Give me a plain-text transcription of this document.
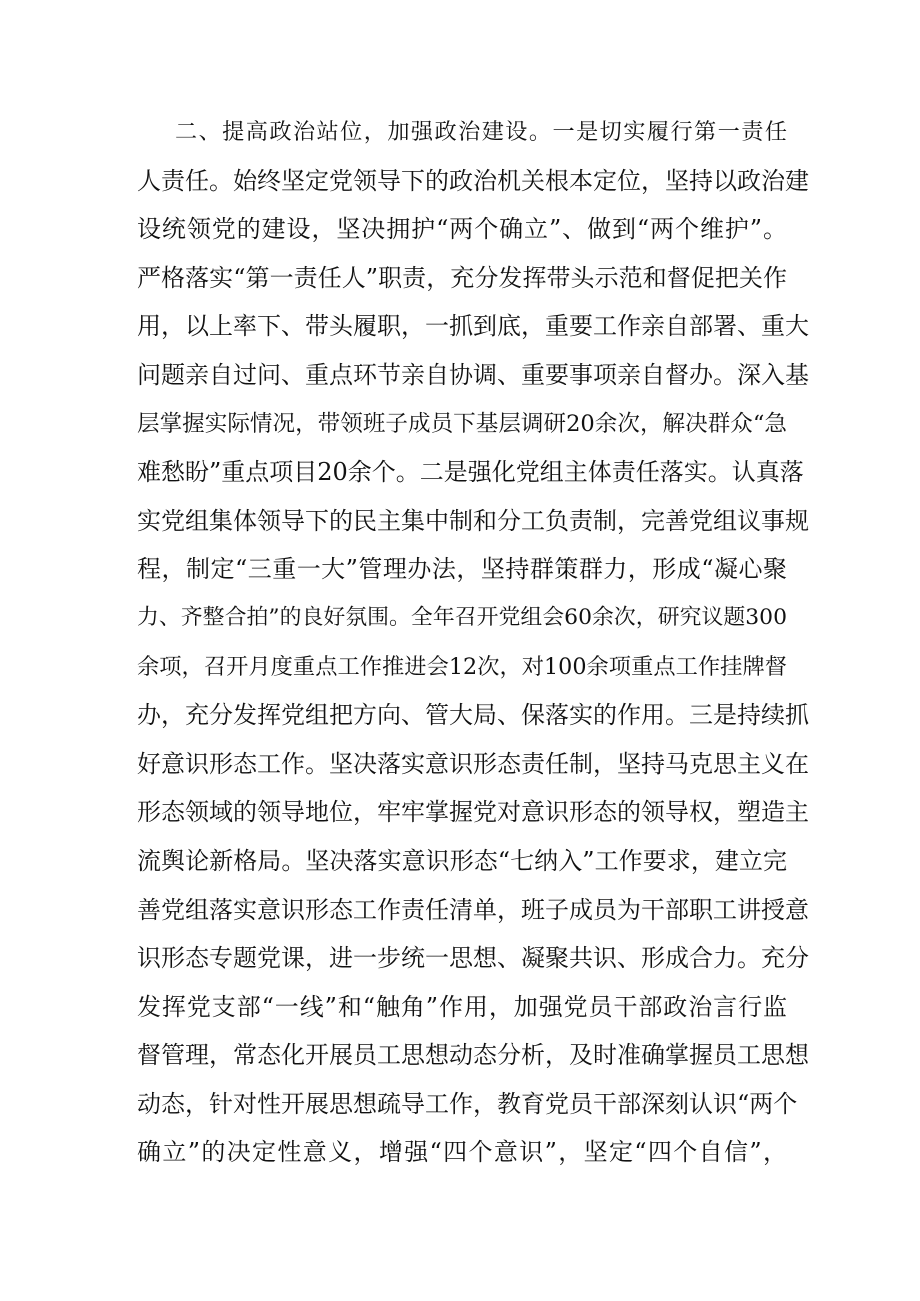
二、提高政治站位，加强政治建设。一是切实履行第一责任
人责任。始终坚定党领导下的政治机关根本定位，坚持以政治建
设统领党的建设，坚决拥护“两个确立”、做到“两个维护”。
严格落实“第一责任人”职责，充分发挥带头示范和督促把关作
用，以上率下、带头履职，一抓到底，重要工作亲自部署、重大
问题亲自过问、重点环节亲自协调、重要事项亲自督办。深入基
层掌握实际情况，带领班子成员下基层调研20余次，解决群众“急
难愁盼”重点项目20余个。二是强化党组主体责任落实。认真落
实党组集体领导下的民主集中制和分工负责制，完善党组议事规
程，制定“三重一大”管理办法，坚持群策群力，形成“凝心聚
力、齐整合拍”的良好氛围。全年召开党组会60余次，研究议题300
余项，召开月度重点工作推进会12次，对100余项重点工作挂牌督
办，充分发挥党组把方向、管大局、保落实的作用。三是持续抓
好意识形态工作。坚决落实意识形态责任制，坚持马克思主义在
形态领域的领导地位，牢牢掌握党对意识形态的领导权，塑造主
流舆论新格局。坚决落实意识形态“七纳入”工作要求，建立完
善党组落实意识形态工作责任清单，班子成员为干部职工讲授意
识形态专题党课，进一步统一思想、凝聚共识、形成合力。充分
发挥党支部“一线”和“触角”作用，加强党员干部政治言行监
督管理，常态化开展员工思想动态分析，及时准确掌握员工思想
动态，针对性开展思想疏导工作，教育党员干部深刻认识“两个
确立”的决定性意义，增强“四个意识”，坚定“四个自信”，
